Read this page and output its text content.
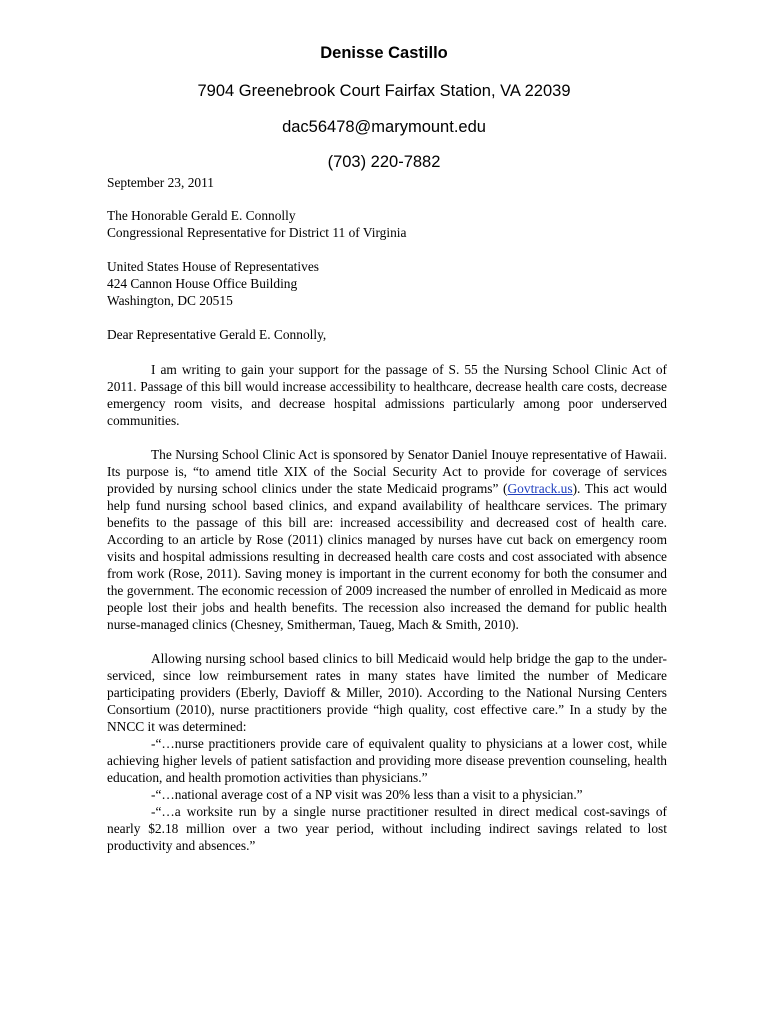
Denisse Castillo

7904 Greenebrook Court Fairfax Station, VA 22039

dac56478@marymount.edu

(703) 220-7882

September 23, 2011

The Honorable Gerald E. Connolly
Congressional Representative for District 11 of Virginia

United States House of Representatives
424 Cannon House Office Building
Washington, DC 20515

Dear Representative Gerald E. Connolly,

I am writing to gain your support for the passage of S. 55 the Nursing School Clinic Act of 2011. Passage of this bill would increase accessibility to healthcare, decrease health care costs, decrease emergency room visits, and decrease hospital admissions particularly among poor underserved communities.

The Nursing School Clinic Act is sponsored by Senator Daniel Inouye representative of Hawaii. Its purpose is, “to amend title XIX of the Social Security Act to provide for coverage of services provided by nursing school clinics under the state Medicaid programs” (Govtrack.us). This act would help fund nursing school based clinics, and expand availability of healthcare services. The primary benefits to the passage of this bill are: increased accessibility and decreased cost of health care. According to an article by Rose (2011) clinics managed by nurses have cut back on emergency room visits and hospital admissions resulting in decreased health care costs and cost associated with absence from work (Rose, 2011). Saving money is important in the current economy for both the consumer and the government. The economic recession of 2009 increased the number of enrolled in Medicaid as more people lost their jobs and health benefits. The recession also increased the demand for public health nurse-managed clinics (Chesney, Smitherman, Taueg, Mach & Smith, 2010).

Allowing nursing school based clinics to bill Medicaid would help bridge the gap to the under-serviced, since low reimbursement rates in many states have limited the number of Medicare participating providers (Eberly, Davioff & Miller, 2010). According to the National Nursing Centers Consortium (2010), nurse practitioners provide “high quality, cost effective care.” In a study by the NNCC it was determined:

-“…nurse practitioners provide care of equivalent quality to physicians at a lower cost, while achieving higher levels of patient satisfaction and providing more disease prevention counseling, health education, and health promotion activities than physicians.”

-“…national average cost of a NP visit was 20% less than a visit to a physician.”

-“…a worksite run by a single nurse practitioner resulted in direct medical cost-savings of nearly $2.18 million over a two year period, without including indirect savings related to lost productivity and absences.”
